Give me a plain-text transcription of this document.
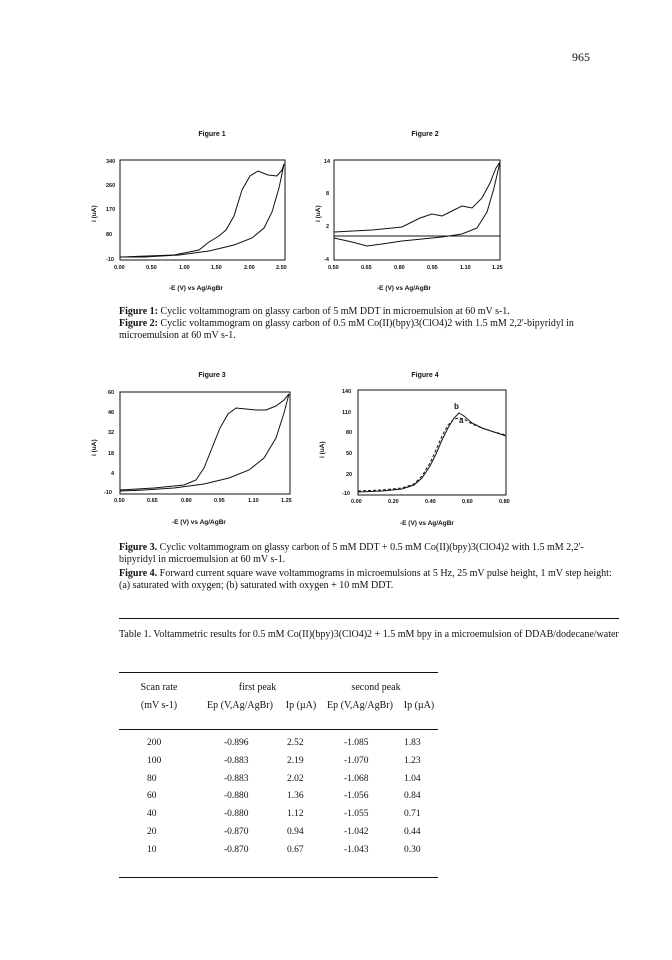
965
Figure 1
340
260
170
80
-10
0.00	0.50	1.00	1.50	2.00	2.50
i (uA)
-E (V) vs Ag/AgBr
Figure 2
14
8
2
-4
0.50	0.65	0.80	0.95	1.10	1.25
i (uA)
-E (V) vs Ag/AgBr
Figure 1: Cyclic voltammogram on glassy carbon of 5 mM DDT in microemulsion at 60 mV s-1.
Figure 2: Cyclic voltammogram on glassy carbon of 0.5 mM Co(II)(bpy)3(ClO4)2 with 1.5 mM 2,2'-bipyridyl in microemulsion at 60 mV s-1.
Figure 3
60
46
32
18
4
-10
0.50	0.65	0.80	0.95	1.10	1.25
i (uA)
-E (V) vs Ag/AgBr
Figure 4
140
110
80
50
20
-10
0.00	0.20	0.40	0.60	0.80
i (uA)
-E (V) vs Ag/AgBr
b
a
Figure 3. Cyclic voltammogram on glassy carbon of 5 mM DDT + 0.5 mM Co(II)(bpy)3(ClO4)2 with 1.5 mM 2,2'-bipyridyl in microemulsion at 60 mV s-1.
Figure 4. Forward current square wave voltammograms in microemulsions at 5 Hz, 25 mV pulse height, 1 mV step height: (a) saturated with oxygen; (b) saturated with oxygen + 10 mM DDT.
Table 1. Voltammetric results for 0.5 mM Co(II)(bpy)3(ClO4)2 + 1.5 mM bpy in a microemulsion of DDAB/dodecane/water
Scan rate	first peak	second peak
(mV s-1)	Ep (V,Ag/AgBr)	Ip (µA)	Ep (V,Ag/AgBr)	Ip (µA)
200	-0.896	2.52	-1.085	1.83
100	-0.883	2.19	-1.070	1.23
80	-0.883	2.02	-1.068	1.04
60	-0.880	1.36	-1.056	0.84
40	-0.880	1.12	-1.055	0.71
20	-0.870	0.94	-1.042	0.44
10	-0.870	0.67	-1.043	0.30
